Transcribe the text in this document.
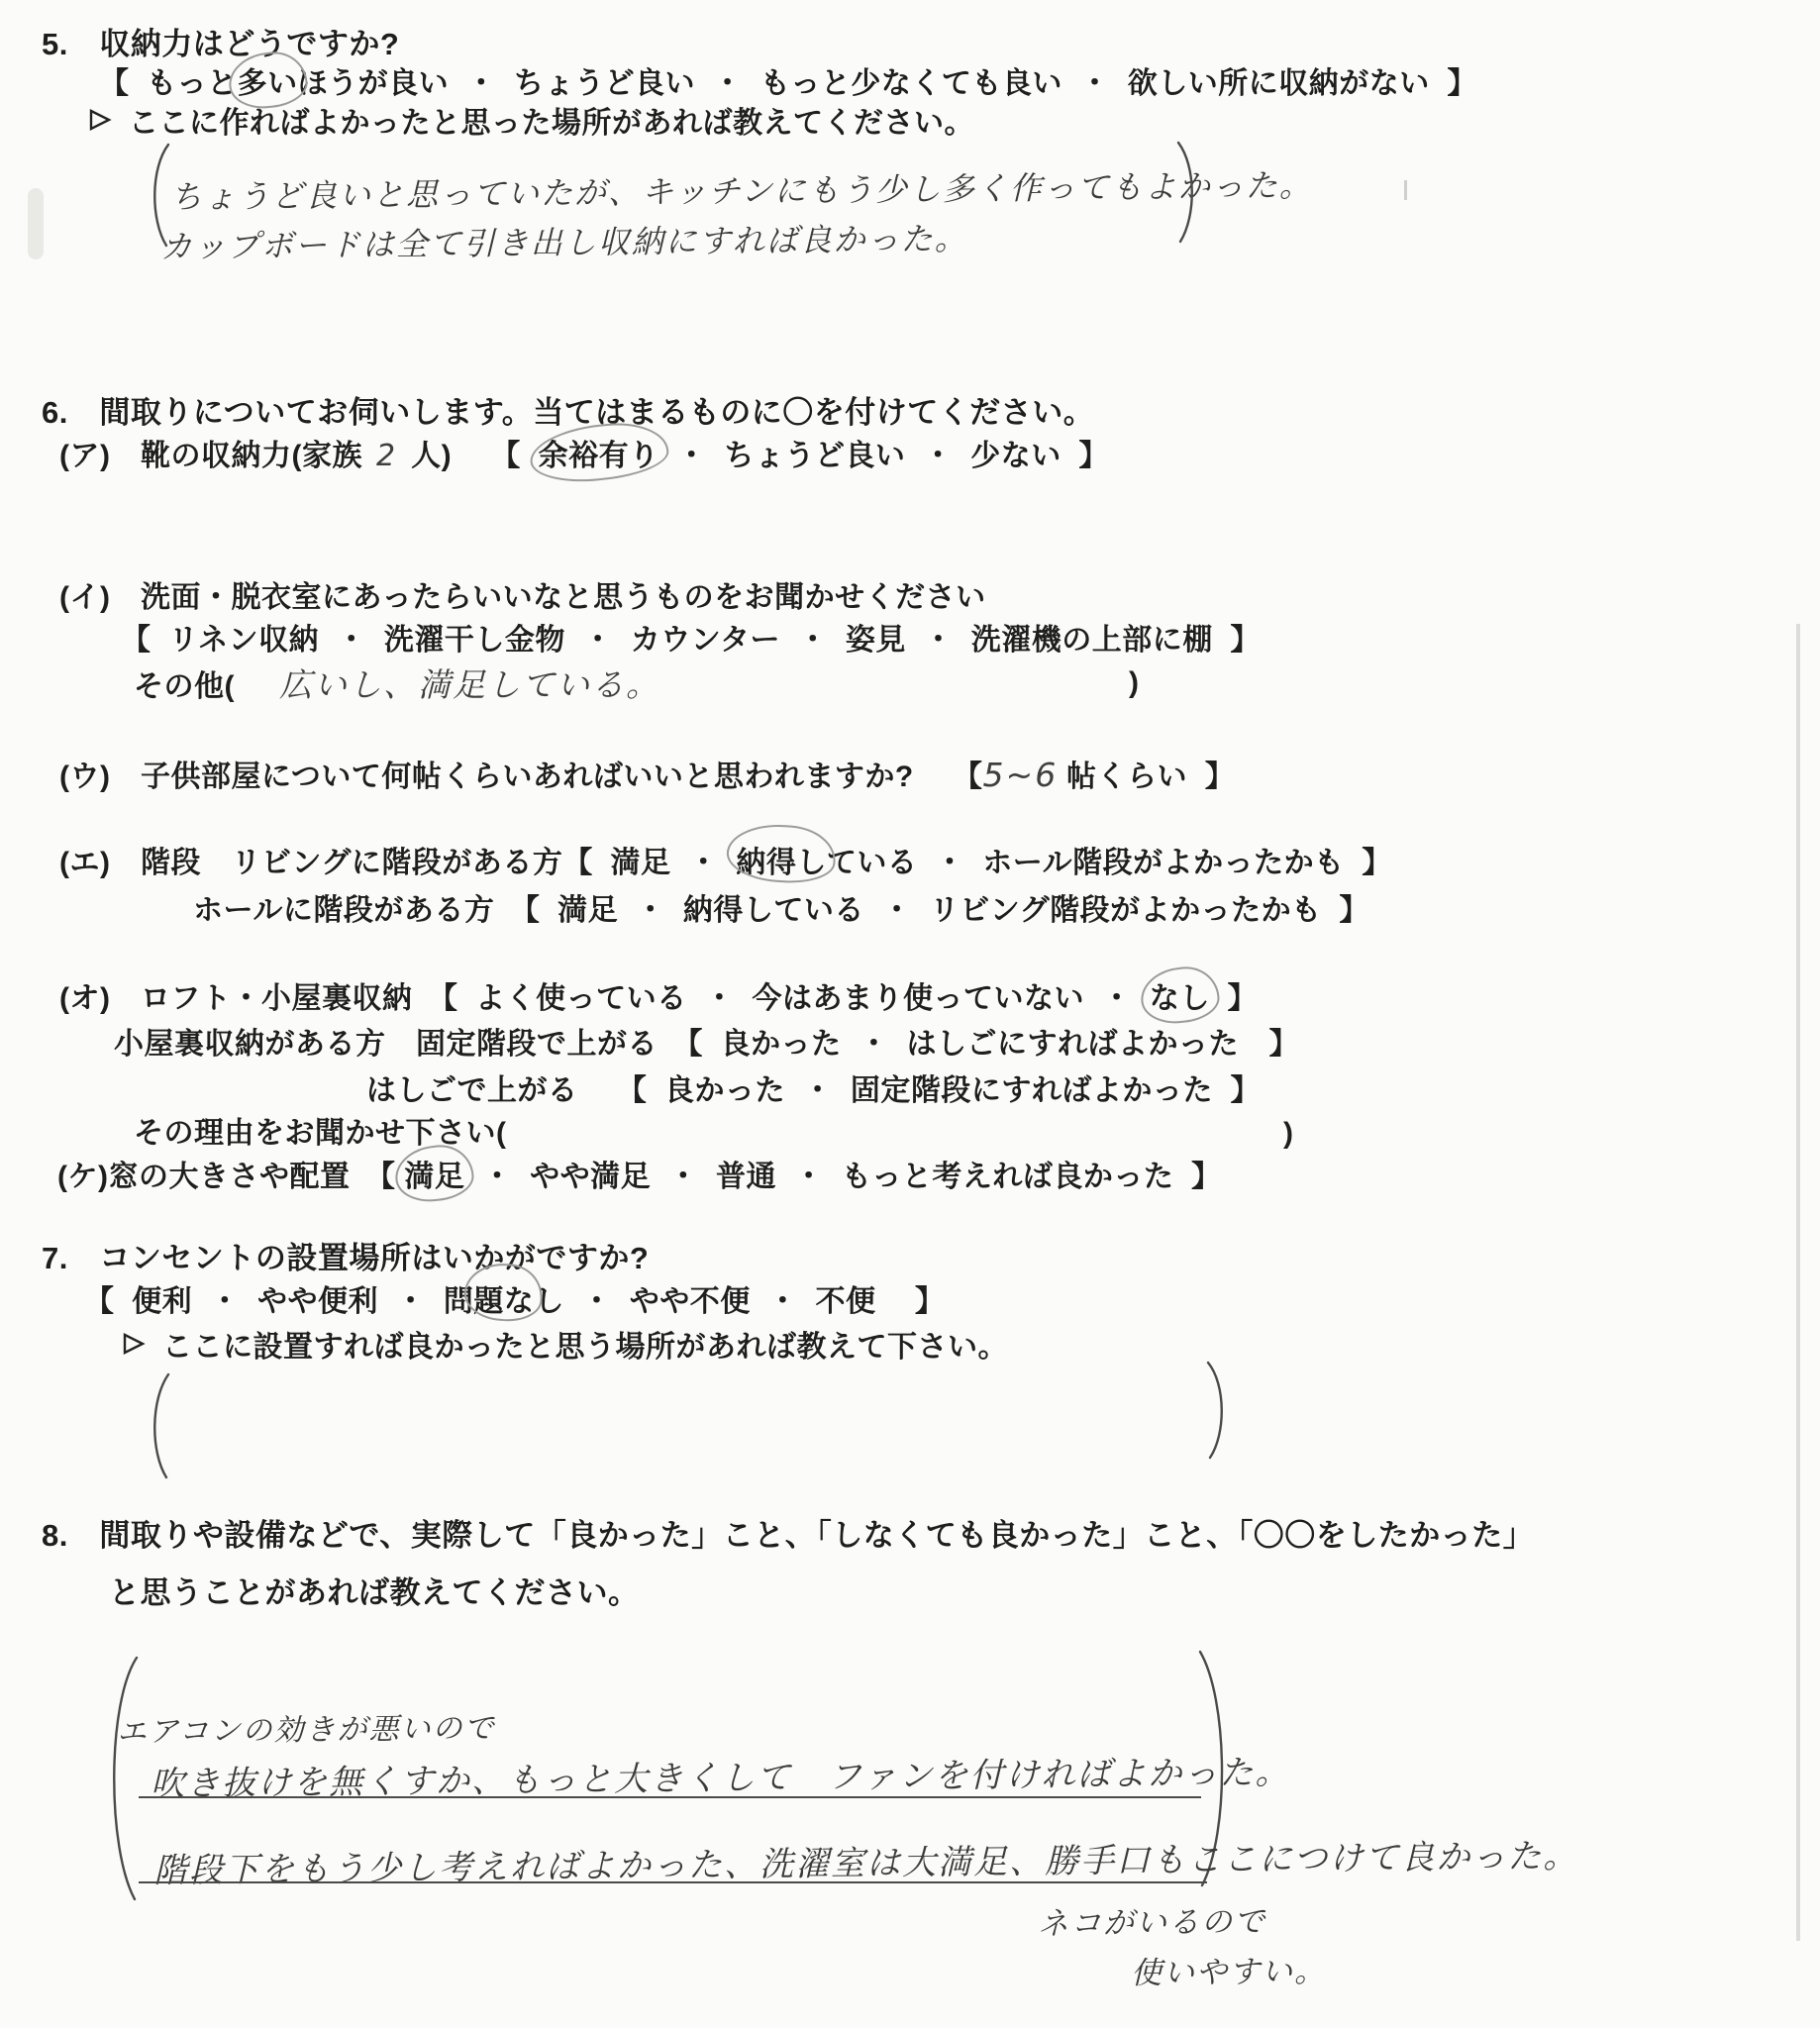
5.　収納力はどうですか?
【  もっと多いほうが良い  ・  ちょうど良い  ・  もっと少なくても良い  ・  欲しい所に収納がない  】
ここに作ればよかったと思った場所があれば教えてください。
ちょうど良いと思っていたが、キッチンにもう少し多く作ってもよかった。
カップボードは全て引き出し収納にすれば良かった。
6.　間取りについてお伺いします。当てはまるものに〇を付けてください。
(ア)　靴の収納力(家族 2 人)　 【  余裕有り  ・  ちょうど良い  ・  少ない  】
(イ)　洗面・脱衣室にあったらいいなと思うものをお聞かせください
【  リネン収納  ・  洗濯干し金物  ・  カウンター  ・  姿見  ・  洗濯機の上部に棚  】
その他( 広いし、満足している。	)
(ウ)　子供部屋について何帖くらいあればいいと思われますか?　 【5~6 帖くらい  】
(エ)　階段　リビングに階段がある方【  満足  ・  納得している  ・  ホール階段がよかったかも  】
ホールに階段がある方　【  満足  ・  納得している  ・  リビング階段がよかったかも  】
(オ)　ロフト・小屋裏収納　【  よく使っている  ・  今はあまり使っていない  ・  なし  】
小屋裏収納がある方　固定階段で上がる　【  良かった  ・  はしごにすればよかった　】
はしごで上がる　 【  良かった  ・  固定階段にすればよかった  】
その理由をお聞かせ下さい(	)
(ケ)窓の大きさや配置　【 満足  ・  やや満足  ・  普通  ・  もっと考えれば良かった  】
7.　コンセントの設置場所はいかがですか?
【  便利  ・  やや便利  ・  問題なし  ・  やや不便  ・  不便　 】
ここに設置すれば良かったと思う場所があれば教えて下さい。
8.　間取りや設備などで、実際して「良かった」こと、「しなくても良かった」こと、「〇〇をしたかった」
と思うことがあれば教えてください。
エアコンの効きが悪いので
吹き抜けを無くすか、もっと大きくして　ファンを付ければよかった。
階段下をもう少し考えればよかった、洗濯室は大満足、勝手口もここにつけて良かった。
ネコがいるので
使いやすい。
